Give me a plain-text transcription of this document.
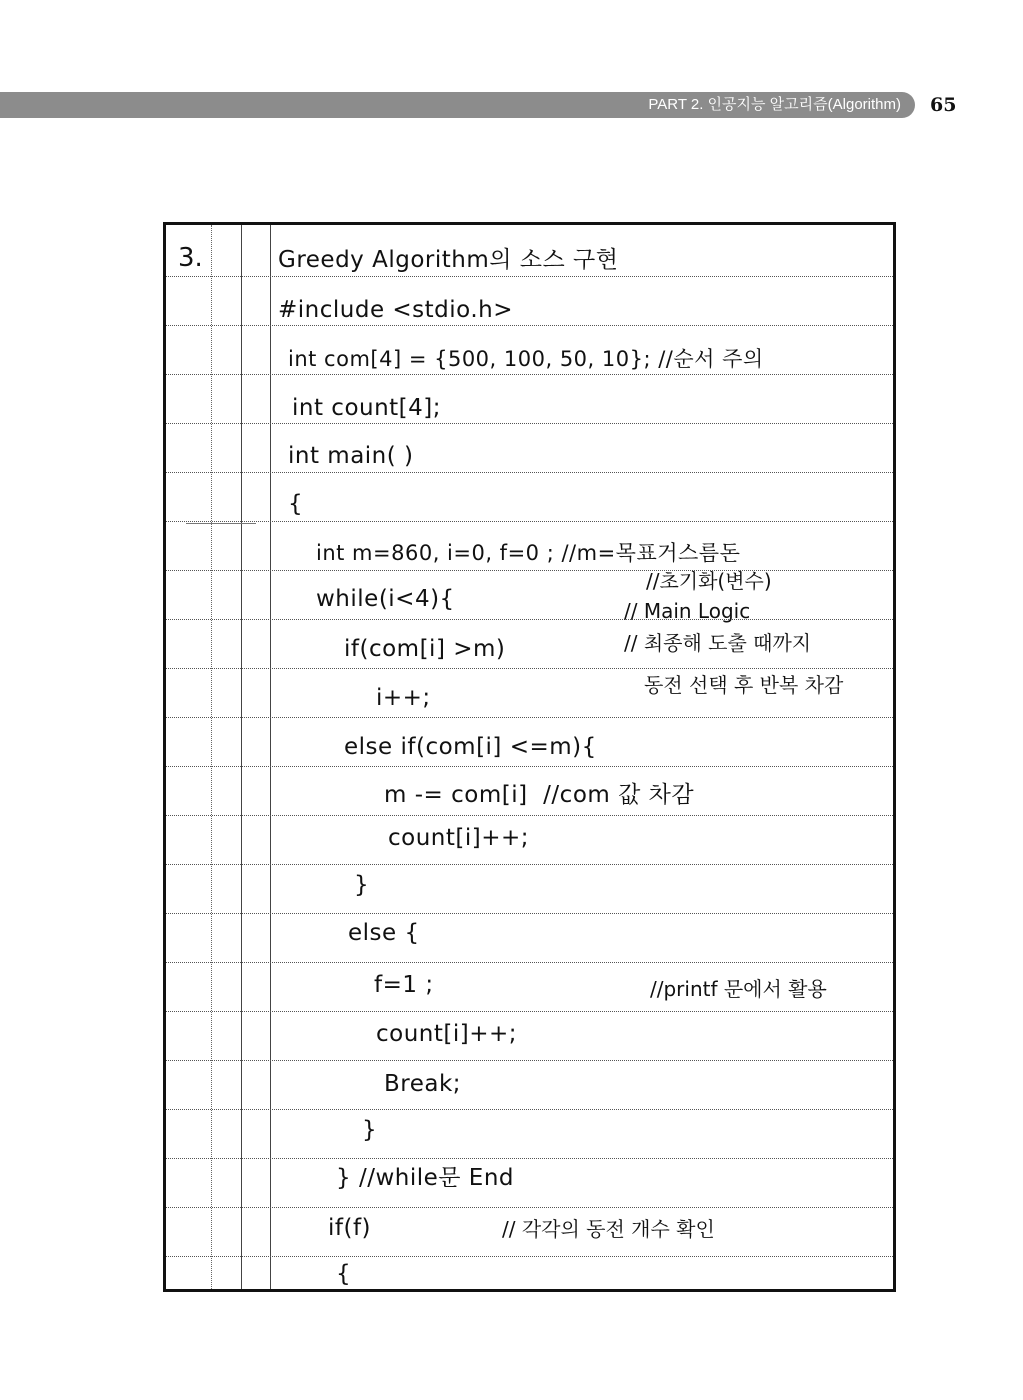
PART 2. 인공지능 알고리즘(Algorithm) 65
3.	Greedy Algorithm의 소스 구현
#include <stdio.h>
int com[4] = {500, 100, 50, 10}; //순서 주의
int count[4];
int main( )
{
int m=860, i=0, f=0 ; //m=목표거스름돈
while(i<4){
if(com[i] >m)
i++;
else if(com[i] <=m){
m -= com[i]  //com 값 차감
count[i]++;
}
else {
f=1 ;
count[i]++;
Break;
}
} //while문 End
if(f)
{
//초기화(변수)
// Main Logic
// 최종해 도출 때까지
동전 선택 후 반복 차감
//printf 문에서 활용
// 각각의 동전 개수 확인
